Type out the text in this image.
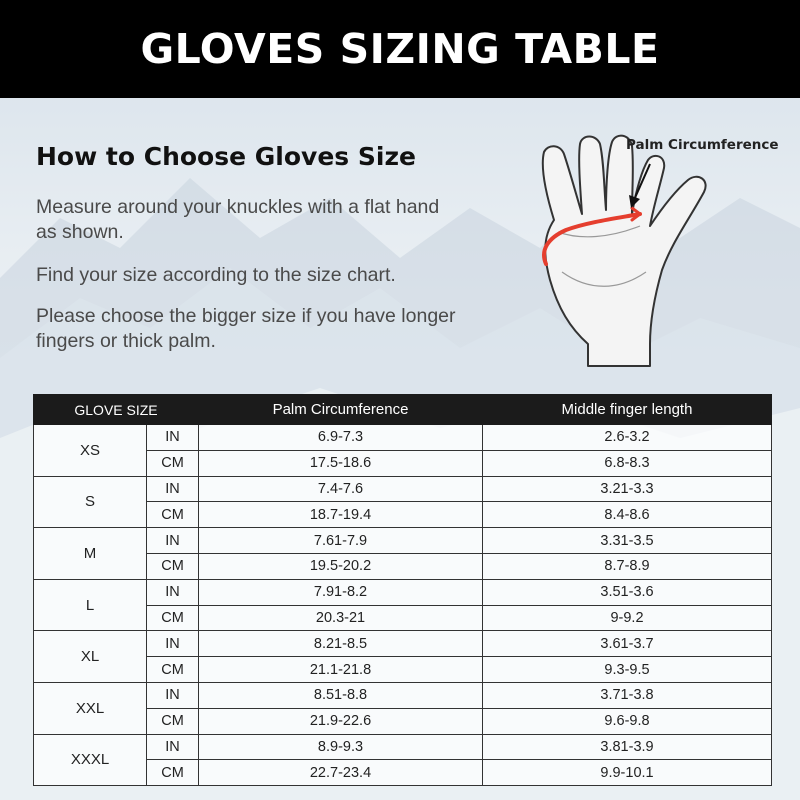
GLOVES SIZING TABLE
How to Choose Gloves Size

Measure around your knuckles with a flat hand as shown.

Find your size according to the size chart.

Please choose the bigger size if you have longer fingers or thick palm.

Palm Circumference
GLOVE SIZE		Palm Circumference	Middle finger length
XS	IN	6.9-7.3	2.6-3.2
	CM	17.5-18.6	6.8-8.3
S	IN	7.4-7.6	3.21-3.3
	CM	18.7-19.4	8.4-8.6
M	IN	7.61-7.9	3.31-3.5
	CM	19.5-20.2	8.7-8.9
L	IN	7.91-8.2	3.51-3.6
	CM	20.3-21	9-9.2
XL	IN	8.21-8.5	3.61-3.7
	CM	21.1-21.8	9.3-9.5
XXL	IN	8.51-8.8	3.71-3.8
	CM	21.9-22.6	9.6-9.8
XXXL	IN	8.9-9.3	3.81-3.9
	CM	22.7-23.4	9.9-10.1
